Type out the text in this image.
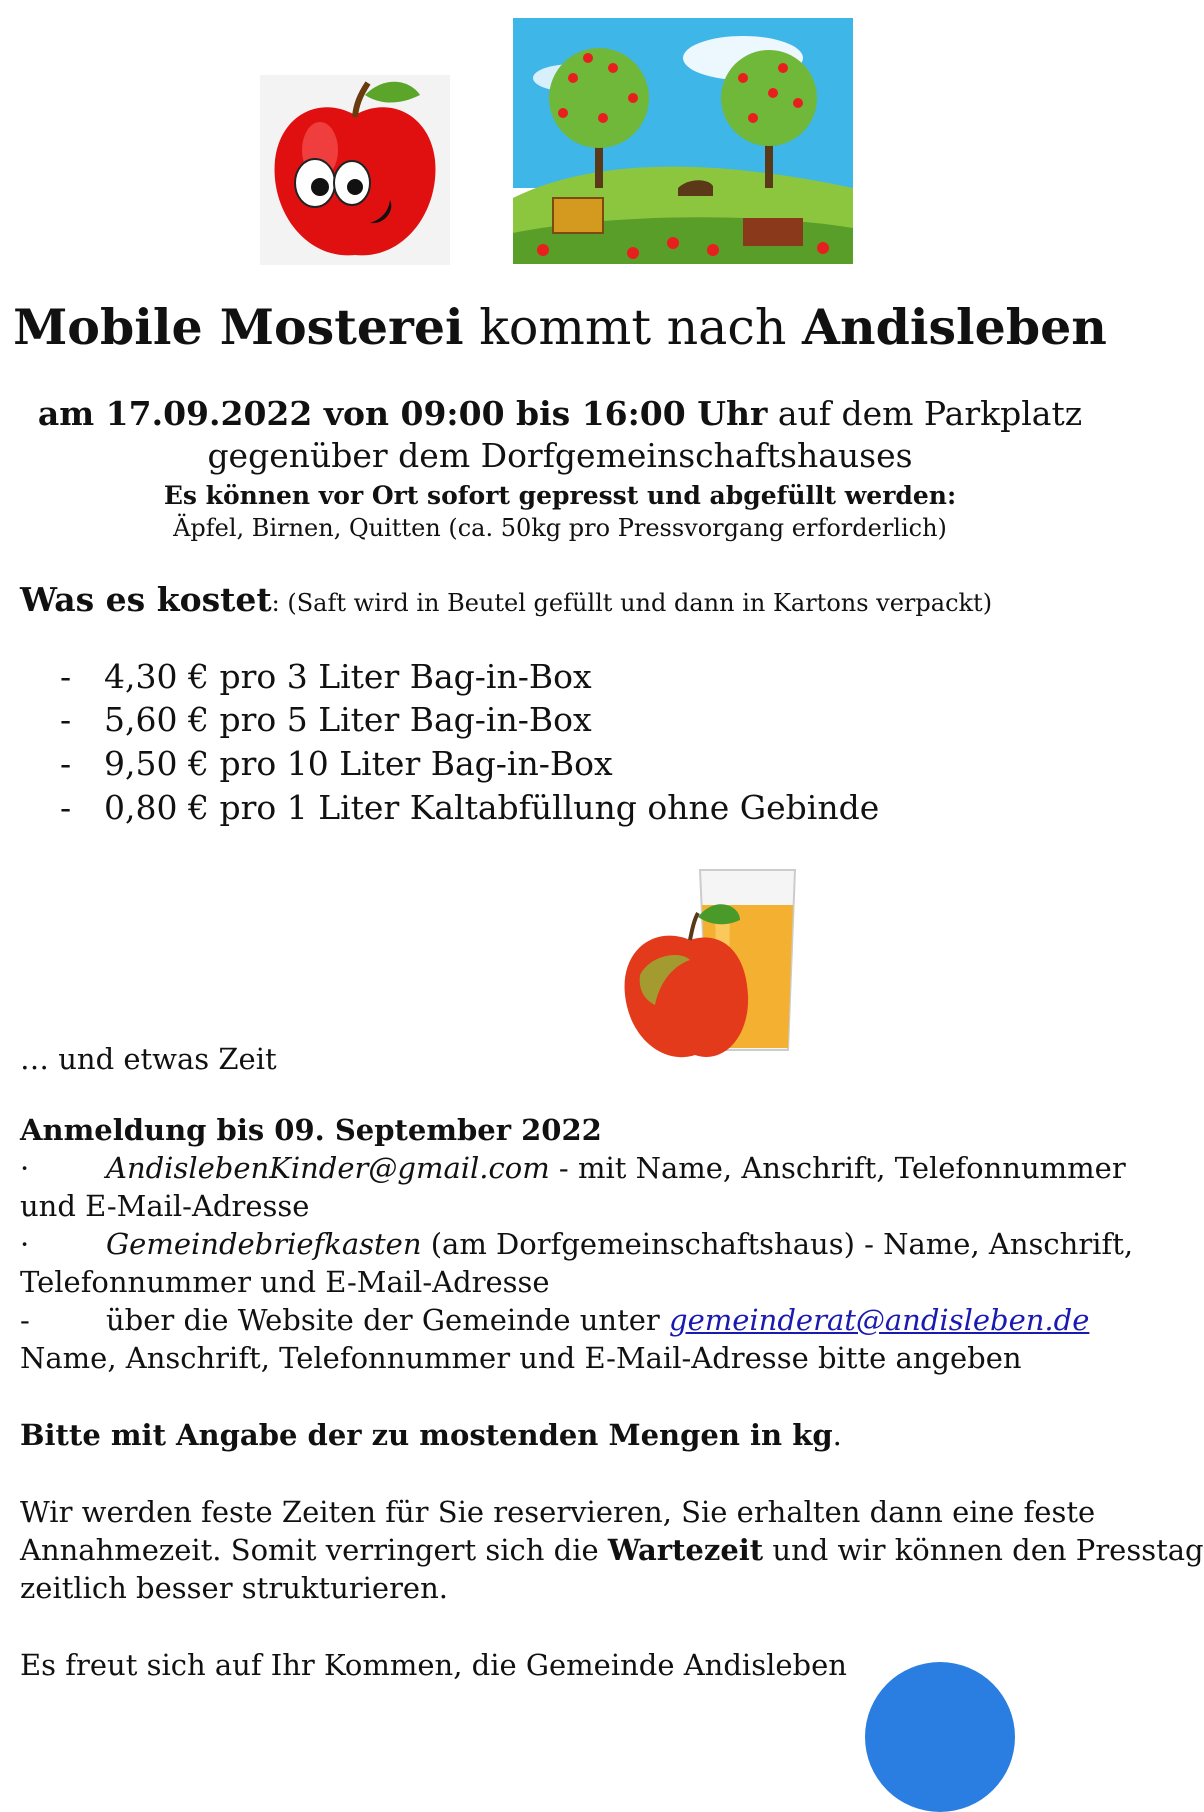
Mobile Mosterei kommt nach Andisleben
am 17.09.2022 von 09:00 bis 16:00 Uhr auf dem Parkplatz
gegenüber dem Dorfgemeinschaftshauses
Es können vor Ort sofort gepresst und abgefüllt werden:
Äpfel, Birnen, Quitten (ca. 50kg pro Pressvorgang erforderlich)
Was es kostet: (Saft wird in Beutel gefüllt und dann in Kartons verpackt)
- 4,30 € pro 3 Liter Bag-in-Box
- 5,60 € pro 5 Liter Bag-in-Box
- 9,50 € pro 10 Liter Bag-in-Box
- 0,80 € pro 1 Liter Kaltabfüllung ohne Gebinde
… und etwas Zeit
Anmeldung bis 09. September 2022
·	AndislebenKinder@gmail.com - mit Name, Anschrift, Telefonnummer
und E-Mail-Adresse
·	Gemeindebriefkasten (am Dorfgemeinschaftshaus) - Name, Anschrift,
Telefonnummer und E-Mail-Adresse
-	über die Website der Gemeinde unter gemeinderat@andisleben.de
Name, Anschrift, Telefonnummer und E-Mail-Adresse bitte angeben
Bitte mit Angabe der zu mostenden Mengen in kg.
Wir werden feste Zeiten für Sie reservieren, Sie erhalten dann eine feste
Annahmezeit. Somit verringert sich die Wartezeit und wir können den Presstag
zeitlich besser strukturieren.
Es freut sich auf Ihr Kommen, die Gemeinde Andisleben
